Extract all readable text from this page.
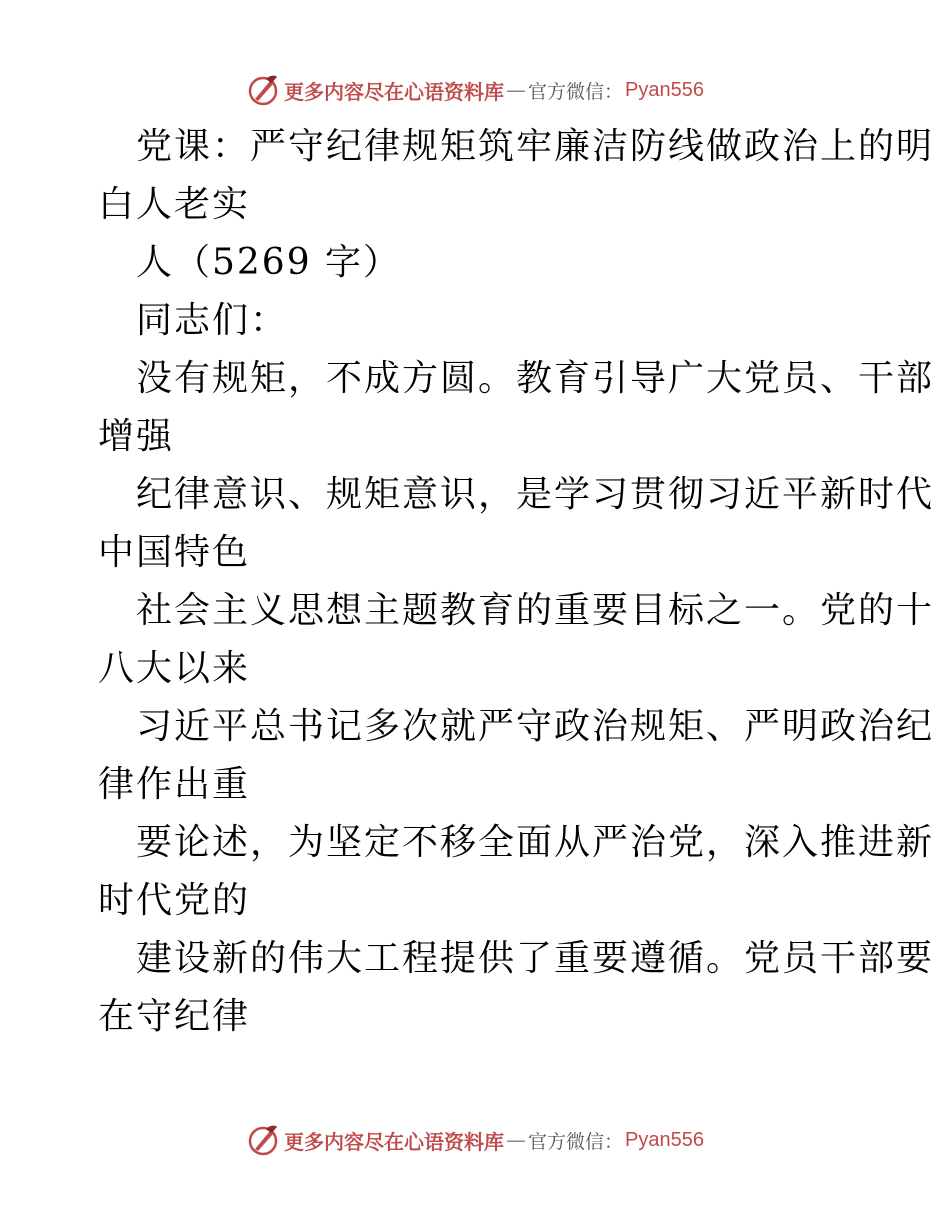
更多内容尽在心语资料库 — 官方微信： Pyan556
党课：严守纪律规矩筑牢廉洁防线做政治上的明
白人老实
人（5269 字）
同志们：
没有规矩，不成方圆。教育引导广大党员、干部
增强
纪律意识、规矩意识，是学习贯彻习近平新时代
中国特色
社会主义思想主题教育的重要目标之一。党的十
八大以来
习近平总书记多次就严守政治规矩、严明政治纪
律作出重
要论述，为坚定不移全面从严治党，深入推进新
时代党的
建设新的伟大工程提供了重要遵循。党员干部要
在守纪律
更多内容尽在心语资料库 — 官方微信： Pyan556
